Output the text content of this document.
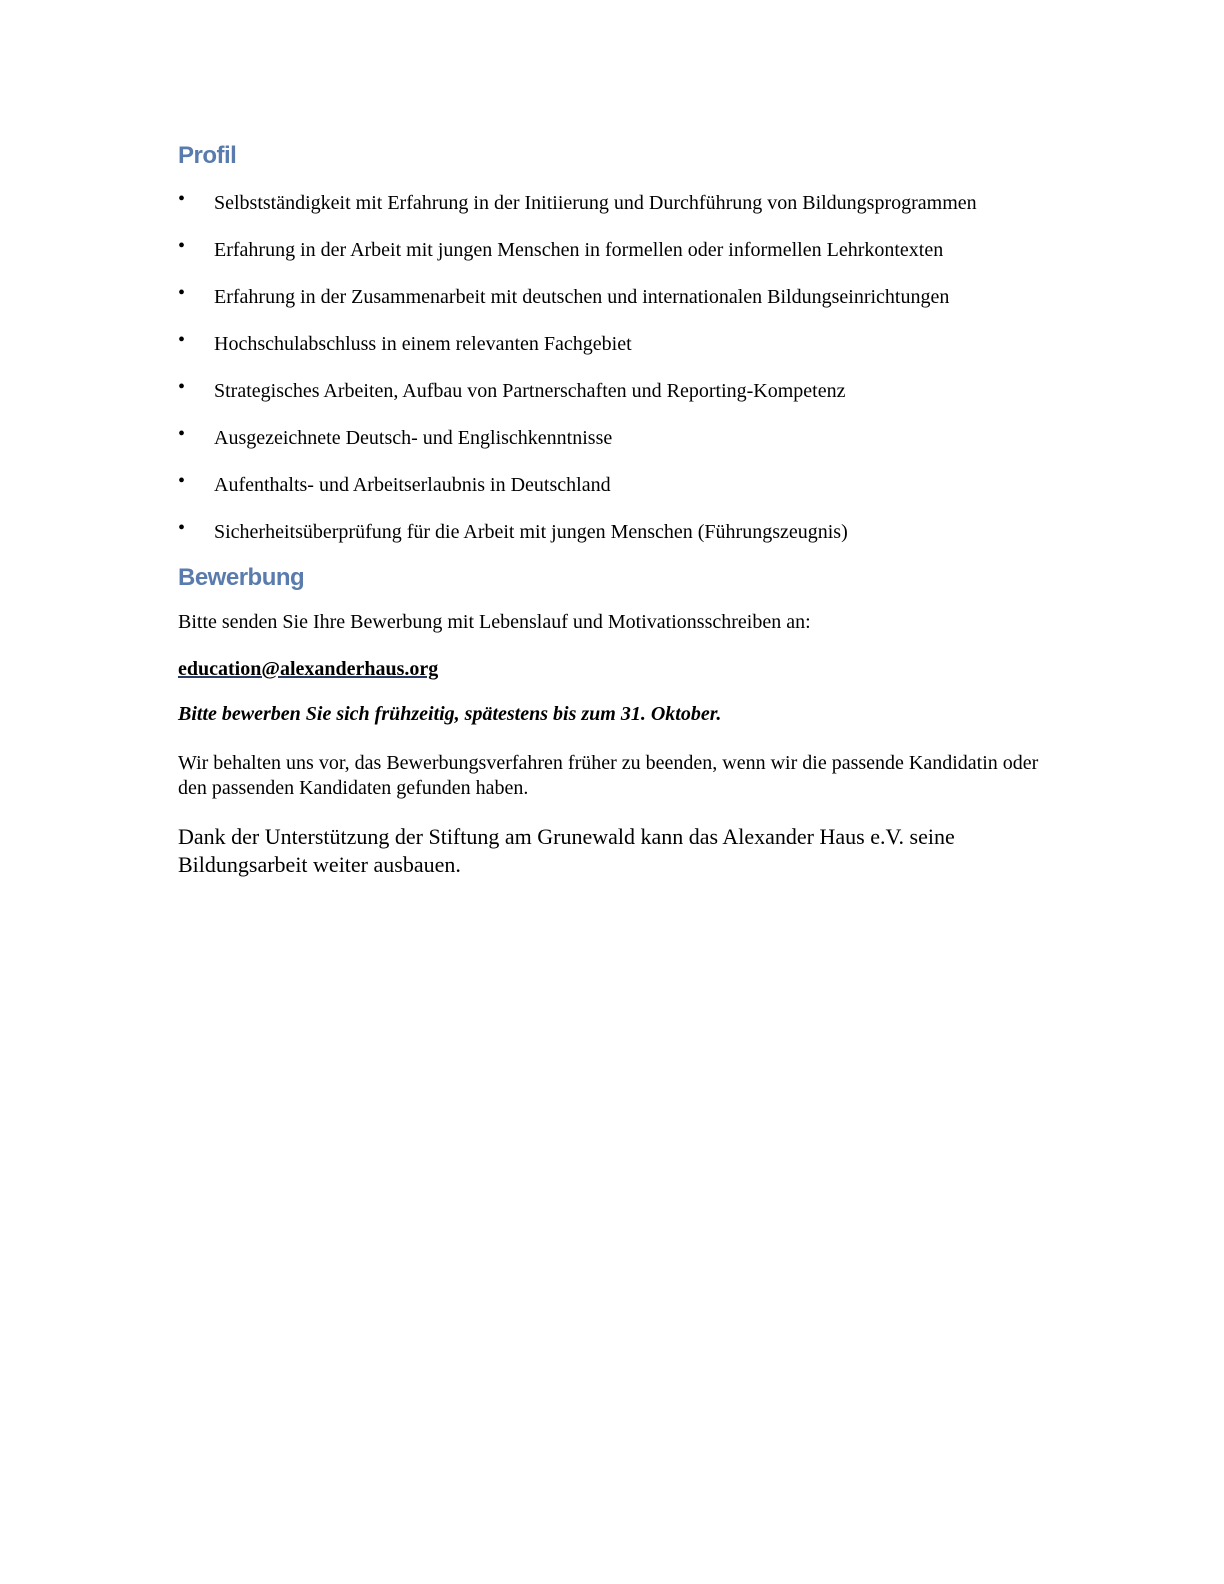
Profil
• Selbstständigkeit mit Erfahrung in der Initiierung und Durchführung von Bildungsprogrammen
• Erfahrung in der Arbeit mit jungen Menschen in formellen oder informellen Lehrkontexten
• Erfahrung in der Zusammenarbeit mit deutschen und internationalen Bildungseinrichtungen
• Hochschulabschluss in einem relevanten Fachgebiet
• Strategisches Arbeiten, Aufbau von Partnerschaften und Reporting-Kompetenz
• Ausgezeichnete Deutsch- und Englischkenntnisse
• Aufenthalts- und Arbeitserlaubnis in Deutschland
• Sicherheitsüberprüfung für die Arbeit mit jungen Menschen (Führungszeugnis)
Bewerbung

Bitte senden Sie Ihre Bewerbung mit Lebenslauf und Motivationsschreiben an:

education@alexanderhaus.org

Bitte bewerben Sie sich frühzeitig, spätestens bis zum 31. Oktober.

Wir behalten uns vor, das Bewerbungsverfahren früher zu beenden, wenn wir die passende Kandidatin oder den passenden Kandidaten gefunden haben.

Dank der Unterstützung der Stiftung am Grunewald kann das Alexander Haus e.V. seine Bildungsarbeit weiter ausbauen.
